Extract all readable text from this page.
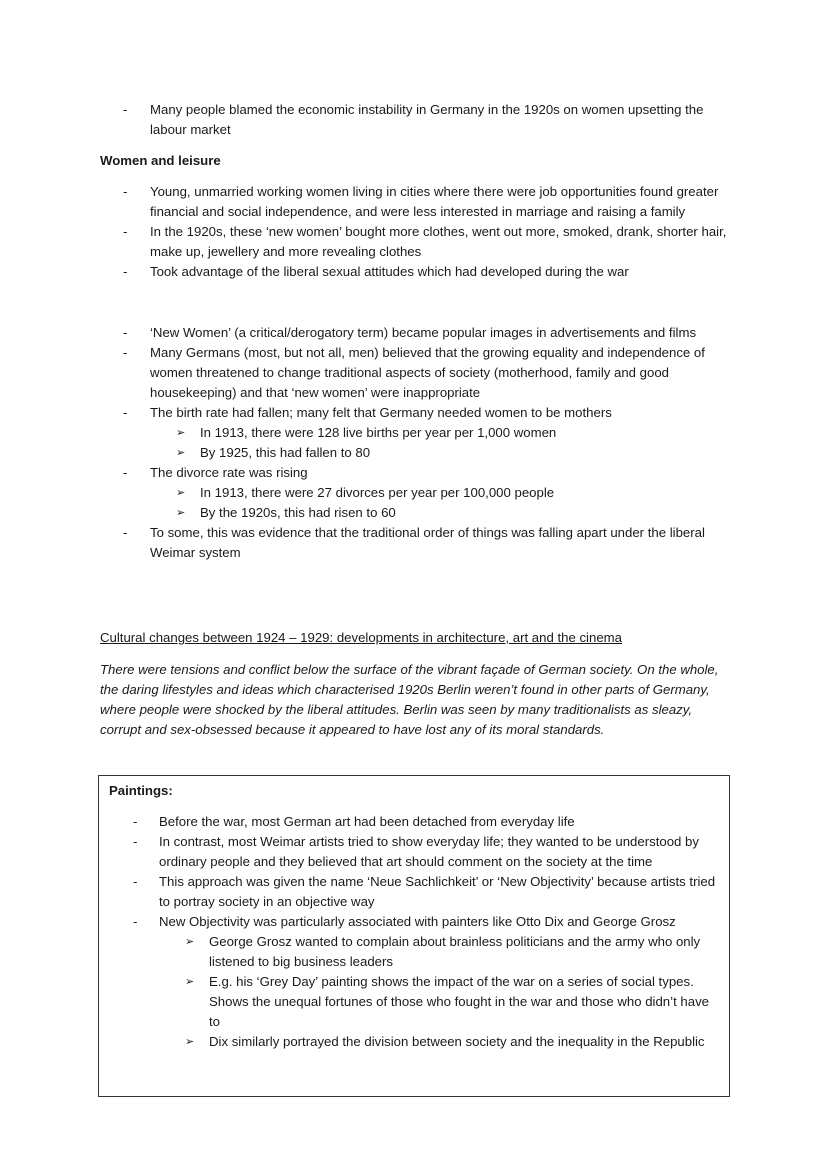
- Many people blamed the economic instability in Germany in the 1920s on women upsetting the labour market
Women and leisure
- Young, unmarried working women living in cities where there were job opportunities found greater financial and social independence, and were less interested in marriage and raising a family
- In the 1920s, these ‘new women’ bought more clothes, went out more, smoked, drank, shorter hair, make up, jewellery and more revealing clothes
- Took advantage of the liberal sexual attitudes which had developed during the war
- ‘New Women’ (a critical/derogatory term) became popular images in advertisements and films
- Many Germans (most, but not all, men) believed that the growing equality and independence of women threatened to change traditional aspects of society (motherhood, family and good housekeeping) and that ‘new women’ were inappropriate
- The birth rate had fallen; many felt that Germany needed women to be mothers
➢ In 1913, there were 128 live births per year per 1,000 women
➢ By 1925, this had fallen to 80
- The divorce rate was rising
➢ In 1913, there were 27 divorces per year per 100,000 people
➢ By the 1920s, this had risen to 60
- To some, this was evidence that the traditional order of things was falling apart under the liberal Weimar system
Cultural changes between 1924 – 1929: developments in architecture, art and the cinema
There were tensions and conflict below the surface of the vibrant façade of German society. On the whole, the daring lifestyles and ideas which characterised 1920s Berlin weren’t found in other parts of Germany, where people were shocked by the liberal attitudes. Berlin was seen by many traditionalists as sleazy, corrupt and sex-obsessed because it appeared to have lost any of its moral standards.
Paintings:
- Before the war, most German art had been detached from everyday life
- In contrast, most Weimar artists tried to show everyday life; they wanted to be understood by ordinary people and they believed that art should comment on the society at the time
- This approach was given the name ‘Neue Sachlichkeit’ or ‘New Objectivity’ because artists tried to portray society in an objective way
- New Objectivity was particularly associated with painters like Otto Dix and George Grosz
➢ George Grosz wanted to complain about brainless politicians and the army who only listened to big business leaders
➢ E.g. his ‘Grey Day’ painting shows the impact of the war on a series of social types. Shows the unequal fortunes of those who fought in the war and those who didn’t have to
➢ Dix similarly portrayed the division between society and the inequality in the Republic
